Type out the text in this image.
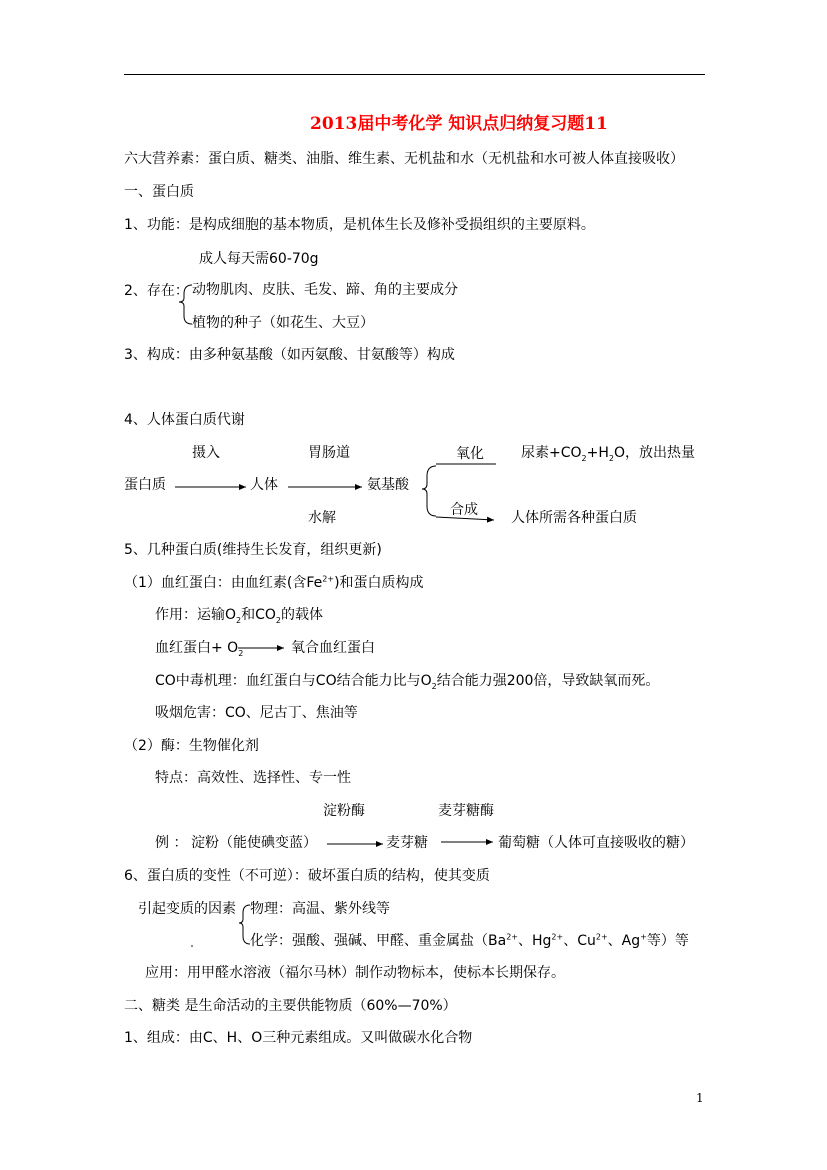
2013届中考化学 知识点归纳复习题11
六大营养素：蛋白质、糖类、油脂、维生素、无机盐和水（无机盐和水可被人体直接吸收）
一、蛋白质
1、功能：是构成细胞的基本物质，是机体生长及修补受损组织的主要原料。
成人每天需60-70g
2、存在： 动物肌肉、皮肤、毛发、蹄、角的主要成分
植物的种子（如花生、大豆）
3、构成：由多种氨基酸（如丙氨酸、甘氨酸等）构成
4、人体蛋白质代谢
摄入	胃肠道	氧化	尿素$+CO_2+H_2O$，放出热量
蛋白质	人体	氨基酸
合成
水解	人体所需各种蛋白质
5、几种蛋白质(维持生长发育，组织更新)
（1）血红蛋白：由血红素(含$Fe^{2+}$)和蛋白质构成
作用：运输$O_2$和$CO_2$的载体
血红蛋白+ $O_2$	氧合血红蛋白
CO中毒机理：血红蛋白与CO结合能力比与$O_2$结合能力强200倍，导致缺氧而死。
吸烟危害：CO、尼古丁、焦油等
（2）酶：生物催化剂
特点：高效性、选择性、专一性
淀粉酶	麦芽糖酶
例 ： 淀粉（能使碘变蓝）	麦芽糖	葡萄糖（人体可直接吸收的糖）
6、蛋白质的变性（不可逆）：破坏蛋白质的结构，使其变质
引起变质的因素 物理：高温、紫外线等
化学：强酸、强碱、甲醛、重金属盐（$Ba^{2+}$、$Hg^{2+}$、$Cu^{2+}$、Ag+等）等
应用：用甲醛水溶液（福尔马林）制作动物标本，使标本长期保存。
二、糖类 是生命活动的主要供能物质（60%—70%）
1、组成：由C、H、O三种元素组成。又叫做碳水化合物
1
